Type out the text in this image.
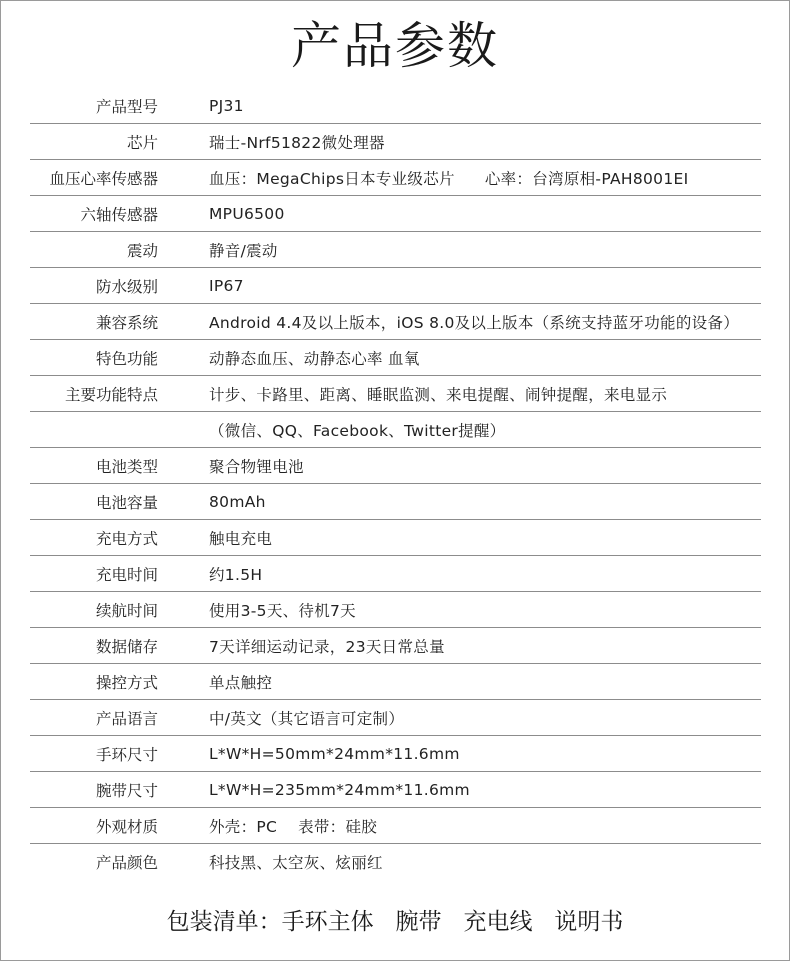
产品参数
产品型号	PJ31
芯片	瑞士-Nrf51822微处理器
血压心率传感器	血压：MegaChips日本专业级芯片 心率：台湾原相-PAH8001EI
六轴传感器	MPU6500
震动	静音/震动
防水级别	IP67
兼容系统	Android 4.4及以上版本，iOS 8.0及以上版本（系统支持蓝牙功能的设备）
特色功能	动静态血压、动静态心率 血氧
主要功能特点	计步、卡路里、距离、睡眠监测、来电提醒、闹钟提醒，来电显示
（微信、QQ、Facebook、Twitter提醒）
电池类型	聚合物锂电池
电池容量	80mAh
充电方式	触电充电
充电时间	约1.5H
续航时间	使用3-5天、待机7天
数据储存	7天详细运动记录，23天日常总量
操控方式	单点触控
产品语言	中/英文（其它语言可定制）
手环尺寸	L*W*H=50mm*24mm*11.6mm
腕带尺寸	L*W*H=235mm*24mm*11.6mm
外观材质	外壳：PC    表带：硅胶
产品颜色	科技黑、太空灰、炫丽红
包装清单：手环主体   腕带   充电线   说明书
